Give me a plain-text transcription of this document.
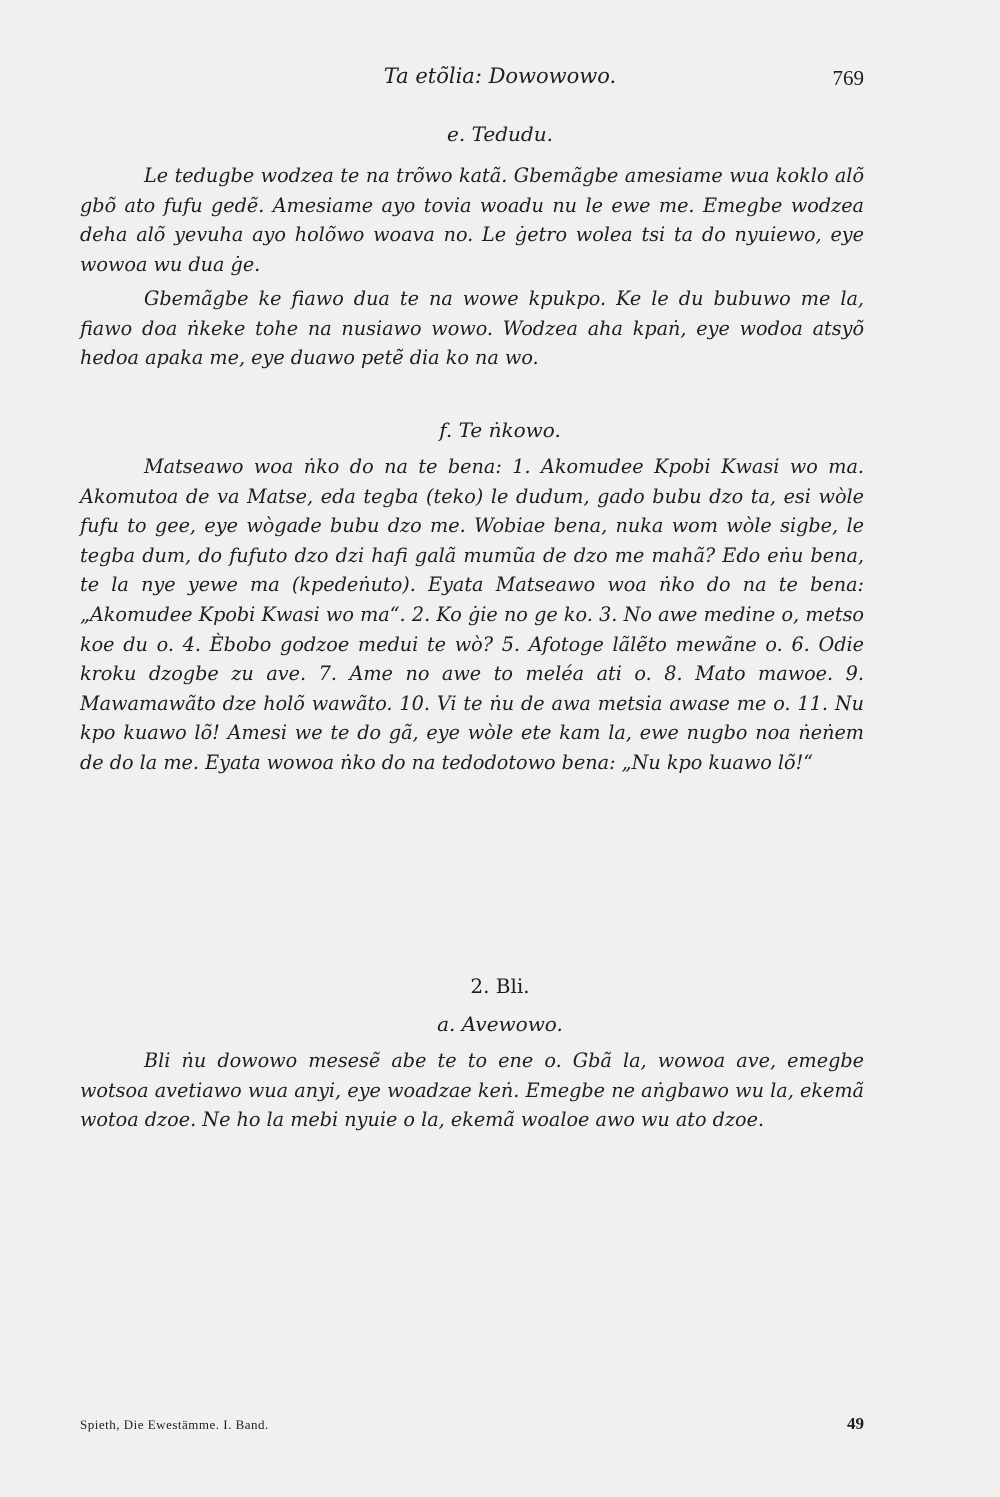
Ta etõlia: Dowowowo.	769
e. Tedudu.

Le tedugbe wodzea te na trõwo katã. Gbemãgbe amesiame wua koklo alõ gbõ ato fufu gedẽ. Amesiame ayo tovia woadu nu le ewe me. Emegbe wodzea deha alõ yevuha ayo holõwo woava no. Le ġetro wolea tsi ta do nyuiewo, eye wowoa wu dua ġe.

Gbemãgbe ke fiawo dua te na wowe kpukpo. Ke le du bubuwo me la, fiawo doa ṅkeke tohe na nusiawo wowo. Wodzea aha kpaṅ, eye wodoa atsyõ hedoa apaka me, eye duawo petẽ dia ko na wo.

f. Te ṅkowo.

Matseawo woa ṅko do na te bena: 1. Akomudee Kpobi Kwasi wo ma. Akomutoa de va Matse, eda tegba (teko) le dudum, gado bubu dzo ta, esi wòle fufu to gee, eye wògade bubu dzo me. Wobiae bena, nuka wom wòle sigbe, le tegba dum, do fufuto dzo dzi hafi galã mumũa de dzo me mahã? Edo eṅu bena, te la nye yewe ma (kpedeṅuto). Eyata Matseawo woa ṅko do na te bena: „Akomudee Kpobi Kwasi wo ma“. 2. Ko ġie no ge ko. 3. No awe medine o, metso koe du o. 4. Èbobo godzoe medui te wò? 5. Afotoge lãlẽto mewãne o. 6. Odie kroku dzogbe zu ave. 7. Ame no awe to meléa ati o. 8. Mato mawoe. 9. Mawamawãto dze holõ wawãto. 10. Vi te ṅu de awa metsia awase me o. 11. Nu kpo kuawo lõ! Amesi we te do gã, eye wòle ete kam la, ewe nugbo noa ṅeṅem de do la me. Eyata wowoa ṅko do na tedodotowo bena: „Nu kpo kuawo lõ!“

2. Bli.
a. Avewowo.

Bli ṅu dowowo mesesẽ abe te to ene o. Gbã la, wowoa ave, emegbe wotsoa avetiawo wua anyi, eye woadzae keṅ. Emegbe ne aṅgbawo wu la, ekemã wotoa dzoe. Ne ho la mebi nyuie o la, ekemã woaloe awo wu ato dzoe.

Spieth, Die Ewestämme. I. Band.	49
